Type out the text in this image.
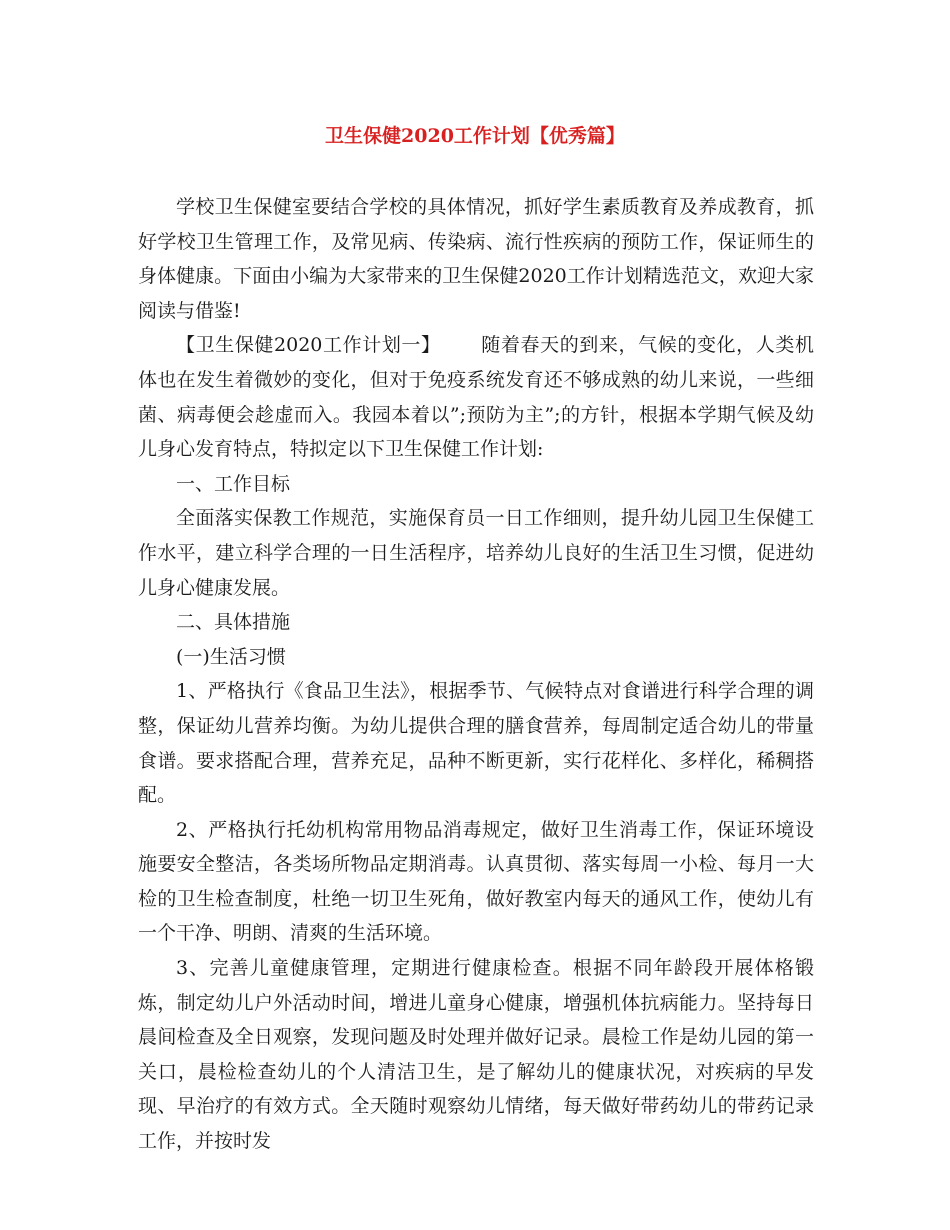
卫生保健2020工作计划【优秀篇】

学校卫生保健室要结合学校的具体情况，抓好学生素质教育及养成教育，抓好学校卫生管理工作，及常见病、传染病、流行性疾病的预防工作，保证师生的身体健康。下面由小编为大家带来的卫生保健2020工作计划精选范文，欢迎大家阅读与借鉴!

【卫生保健2020工作计划一】 随着春天的到来，气候的变化，人类机体也在发生着微妙的变化，但对于免疫系统发育还不够成熟的幼儿来说，一些细菌、病毒便会趁虚而入。我园本着以”;预防为主”;的方针，根据本学期气候及幼儿身心发育特点，特拟定以下卫生保健工作计划:

一、工作目标

全面落实保教工作规范，实施保育员一日工作细则，提升幼儿园卫生保健工作水平，建立科学合理的一日生活程序，培养幼儿良好的生活卫生习惯，促进幼儿身心健康发展。

二、具体措施

(一)生活习惯

1、严格执行《食品卫生法》，根据季节、气候特点对食谱进行科学合理的调整，保证幼儿营养均衡。为幼儿提供合理的膳食营养，每周制定适合幼儿的带量食谱。要求搭配合理，营养充足，品种不断更新，实行花样化、多样化，稀稠搭配。

2、严格执行托幼机构常用物品消毒规定，做好卫生消毒工作，保证环境设施要安全整洁，各类场所物品定期消毒。认真贯彻、落实每周一小检、每月一大检的卫生检查制度，杜绝一切卫生死角，做好教室内每天的通风工作，使幼儿有一个干净、明朗、清爽的生活环境。

3、完善儿童健康管理，定期进行健康检查。根据不同年龄段开展体格锻炼，制定幼儿户外活动时间，增进儿童身心健康，增强机体抗病能力。坚持每日晨间检查及全日观察，发现问题及时处理并做好记录。晨检工作是幼儿园的第一关口，晨检检查幼儿的个人清洁卫生，是了解幼儿的健康状况，对疾病的早发现、早治疗的有效方式。全天随时观察幼儿情绪，每天做好带药幼儿的带药记录工作，并按时发
